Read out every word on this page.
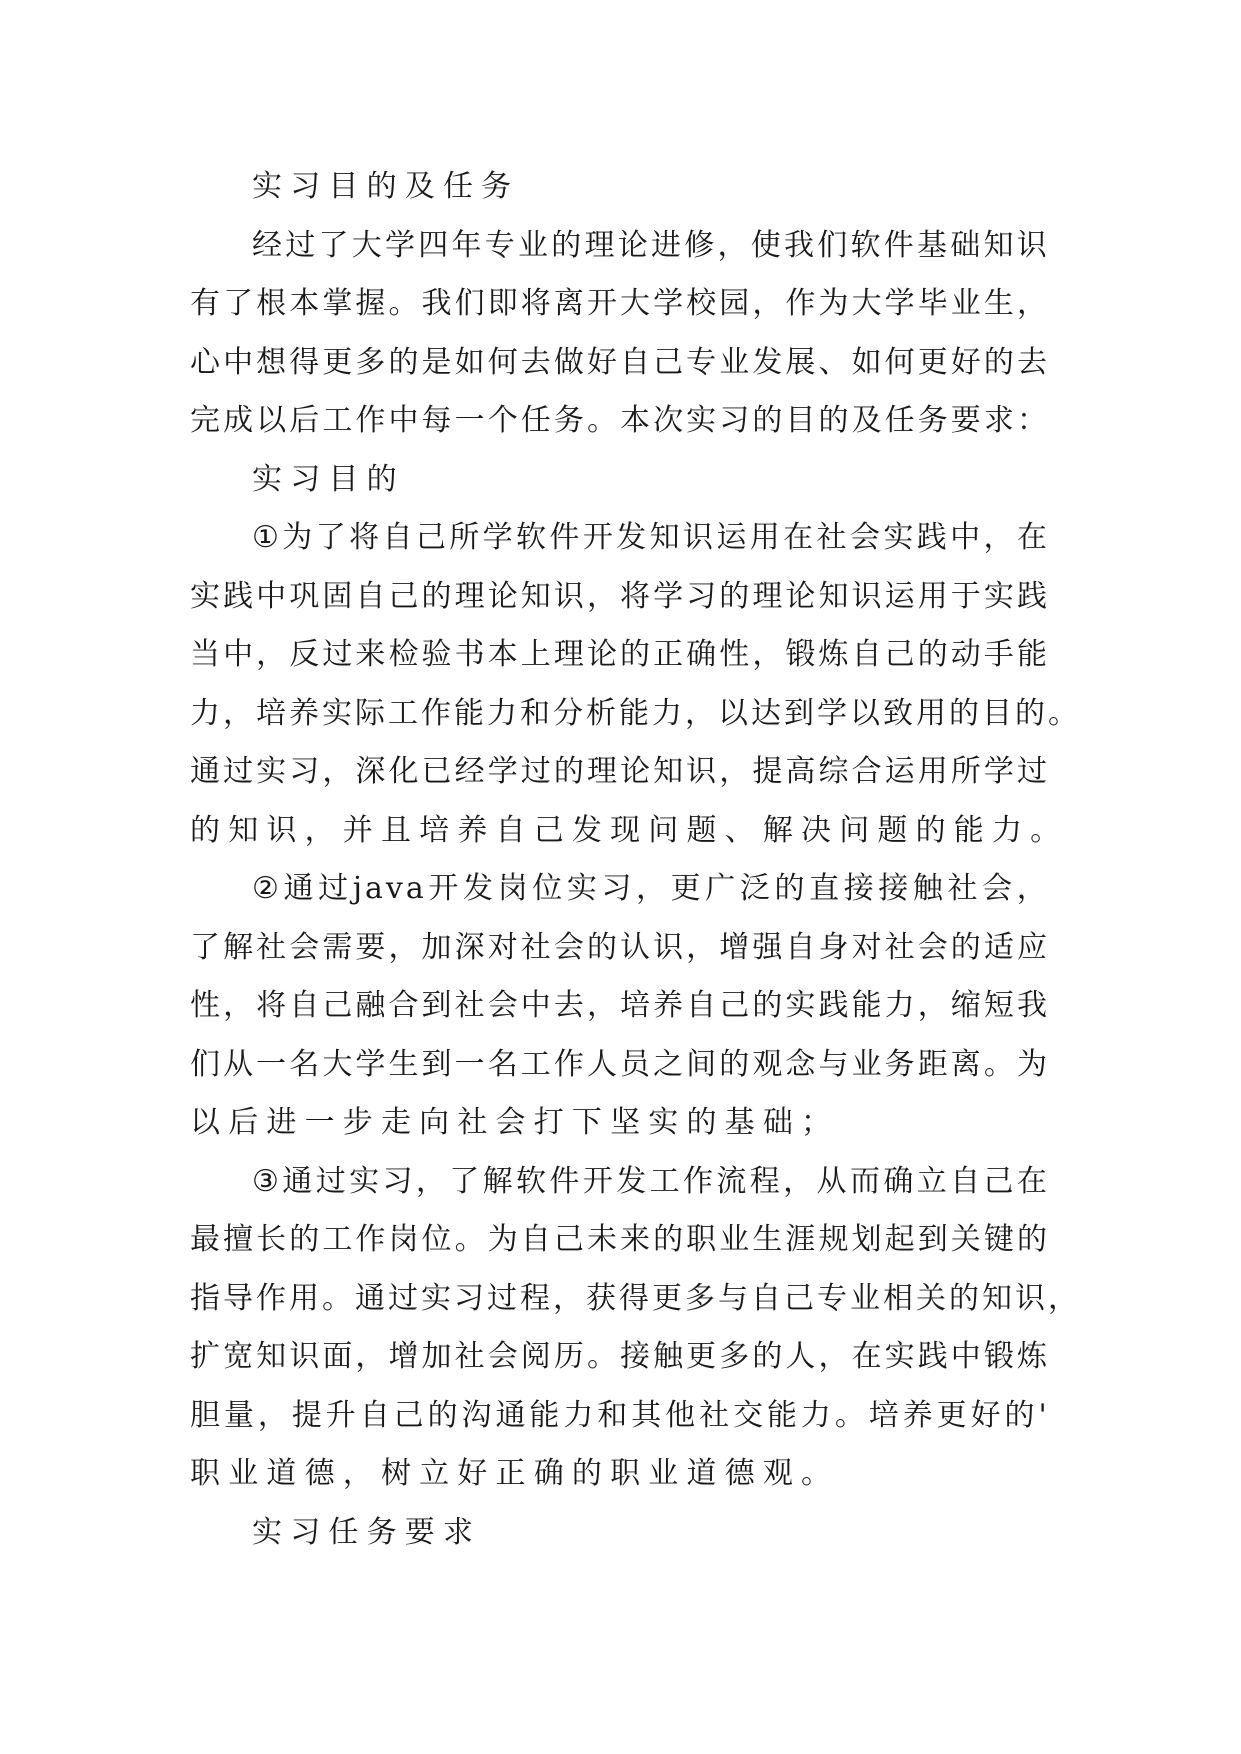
实 习 目 的 及 任 务
经 过 了 大 学 四 年 专 业 的 理 论 进 修 ， 使 我 们 软 件 基 础 知 识
有 了 根 本 掌 握 。 我 们 即 将 离 开 大 学 校 园 ， 作 为 大 学 毕 业 生 ，
心 中 想 得 更 多 的 是 如 何 去 做 好 自 己 专 业 发 展 、 如 何 更 好 的 去
完 成 以 后 工 作 中 每 一 个 任 务 。 本 次 实 习 的 目 的 及 任 务 要 求 ：
实 习 目 的
① 为 了 将 自 己 所 学 软 件 开 发 知 识 运 用 在 社 会 实 践 中 ， 在
实 践 中 巩 固 自 己 的 理 论 知 识 ， 将 学 习 的 理 论 知 识 运 用 于 实 践
当 中 ， 反 过 来 检 验 书 本 上 理 论 的 正 确 性 ， 锻 炼 自 己 的 动 手 能
力 ， 培 养 实 际 工 作 能 力 和 分 析 能 力 ， 以 达 到 学 以 致 用 的 目 的 。
通 过 实 习 ， 深 化 已 经 学 过 的 理 论 知 识 ， 提 高 综 合 运 用 所 学 过
的 知 识 ， 并 且 培 养 自 己 发 现 问 题 、 解 决 问 题 的 能 力 。
② 通 过 java 开 发 岗 位 实 习 ， 更 广 泛 的 直 接 接 触 社 会 ，
了 解 社 会 需 要 ， 加 深 对 社 会 的 认 识 ， 增 强 自 身 对 社 会 的 适 应
性 ， 将 自 己 融 合 到 社 会 中 去 ， 培 养 自 己 的 实 践 能 力 ， 缩 短 我
们 从 一 名 大 学 生 到 一 名 工 作 人 员 之 间 的 观 念 与 业 务 距 离 。 为
以 后 进 一 步 走 向 社 会 打 下 坚 实 的 基 础 ；
③ 通 过 实 习 ， 了 解 软 件 开 发 工 作 流 程 ， 从 而 确 立 自 己 在
最 擅 长 的 工 作 岗 位 。 为 自 己 未 来 的 职 业 生 涯 规 划 起 到 关 键 的
指 导 作 用 。 通 过 实 习 过 程 ， 获 得 更 多 与 自 己 专 业 相 关 的 知 识 ，
扩 宽 知 识 面 ， 增 加 社 会 阅 历 。 接 触 更 多 的 人 ， 在 实 践 中 锻 炼
胆 量 ， 提 升 自 己 的 沟 通 能 力 和 其 他 社 交 能 力 。 培 养 更 好 的 '
职 业 道 德 ， 树 立 好 正 确 的 职 业 道 德 观 。
实 习 任 务 要 求
